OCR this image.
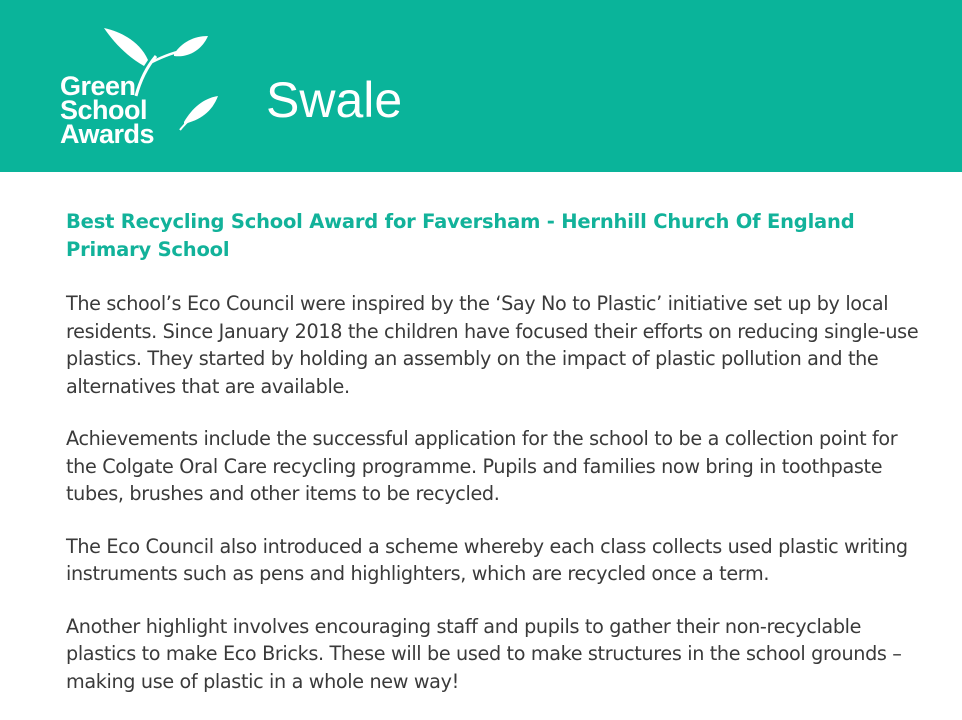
Green
School
Awards
Swale
Best Recycling School Award for Faversham - Hernhill Church Of England Primary School

The school’s Eco Council were inspired by the ‘Say No to Plastic’ initiative set up by local residents. Since January 2018 the children have focused their efforts on reducing single-use plastics. They started by holding an assembly on the impact of plastic pollution and the alternatives that are available.

Achievements include the successful application for the school to be a collection point for the Colgate Oral Care recycling programme. Pupils and families now bring in toothpaste tubes, brushes and other items to be recycled.

The Eco Council also introduced a scheme whereby each class collects used plastic writing instruments such as pens and highlighters, which are recycled once a term.

Another highlight involves encouraging staff and pupils to gather their non-recyclable plastics to make Eco Bricks. These will be used to make structures in the school grounds – making use of plastic in a whole new way!
